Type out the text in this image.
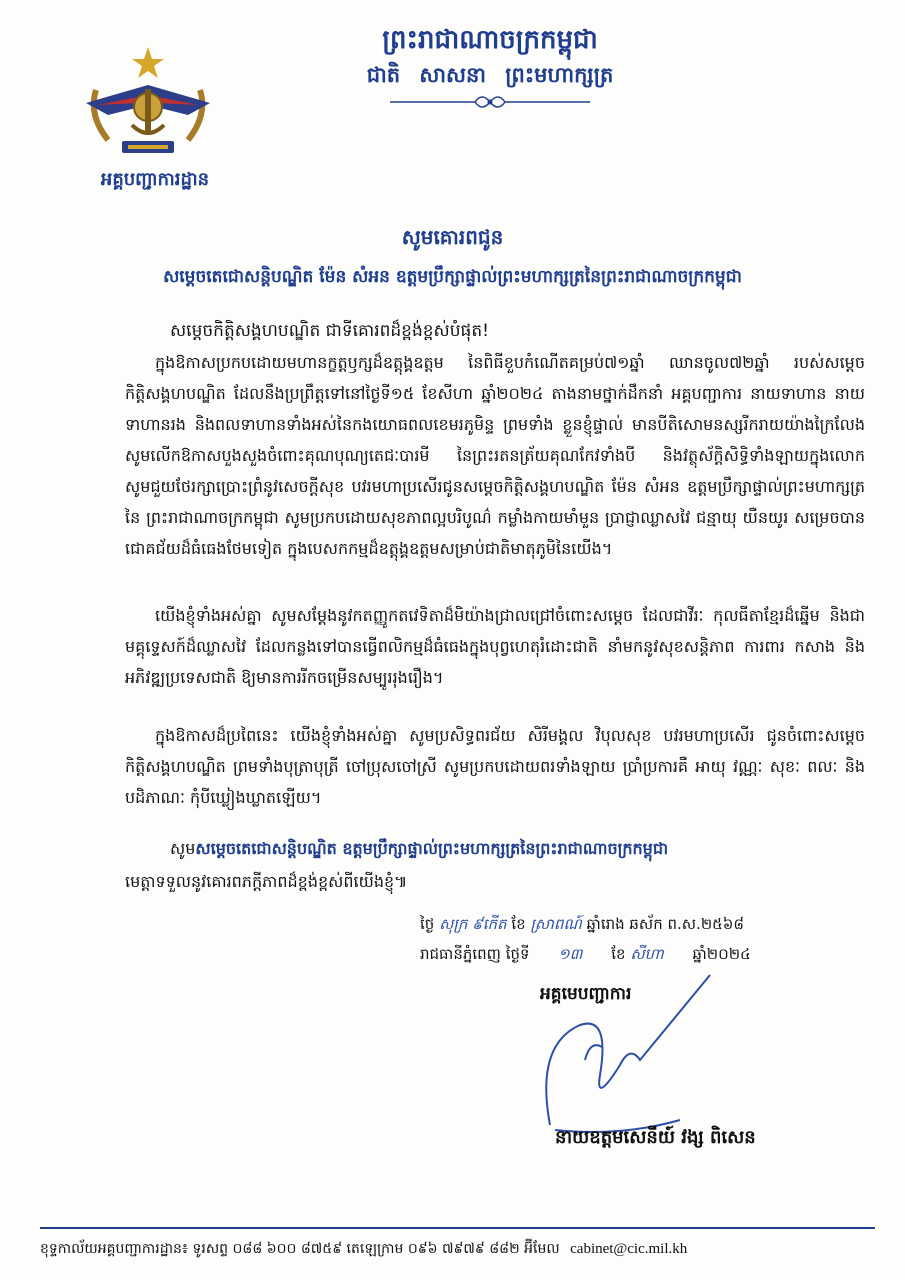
ព្រះរាជាណាចក្រកម្ពុជា
ជាតិ សាសនា ព្រះមហាក្សត្រ
អគ្គបញ្ជាការដ្ឋាន
សូមគោរពជូន
សម្តេចតេជោសន្តិបណ្ឌិត ម៉ែន សំអន ឧត្តមប្រឹក្សាផ្ទាល់ព្រះមហាក្សត្រនៃព្រះរាជាណាចក្រកម្ពុជា
សម្តេចកិត្តិសង្គហបណ្ឌិត ជាទីគោរពដ៏ខ្ពង់ខ្ពស់បំផុត!
ក្នុងឱកាសប្រកបដោយមហានក្ខត្តឫក្សដ៏ឧត្តុង្គឧត្តម នៃពិធីខួបកំណើតគម្រប់៧១ឆ្នាំ ឈានចូល៧២ឆ្នាំ របស់សម្តេចកិត្តិសង្គហបណ្ឌិត ដែលនឹងប្រព្រឹត្តទៅនៅថ្ងៃទី១៥ ខែសីហា ឆ្នាំ២០២៤ តាងនាមថ្នាក់ដឹកនាំ អគ្គបញ្ជាការ នាយទាហាន នាយទាហានរង និងពលទាហានទាំងអស់នៃកងយោធពលខេមរភូមិន្ទ ព្រមទាំង ខ្លួនខ្ញុំផ្ទាល់ មានបីតិសោមនស្សរីករាយយ៉ាងក្រៃលែង សូមលើកឱកាសបួងសួងចំពោះគុណបុណ្យតេជៈបារមី នៃព្រះរតនត្រ័យគុណកែវទាំងបី និងវត្ថុស័ក្តិសិទ្ធិទាំងឡាយក្នុងលោក សូមជួយថែរក្សាប្រោះព្រំនូវសេចក្តីសុខ បវរមហាប្រសើរជូនសម្តេចកិត្តិសង្គហបណ្ឌិត ម៉ែន សំអន ឧត្តមប្រឹក្សាផ្ទាល់ព្រះមហាក្សត្រនៃ ព្រះរាជាណាចក្រកម្ពុជា សូមប្រកបដោយសុខភាពល្អបរិបូណ៌ កម្លាំងកាយមាំមួន ប្រាជ្ញាឈ្លាសវៃ ជន្មាយុ យឺនយូរ សម្រេចបានជោគជ័យដ៏ធំធេងថែមទៀត ក្នុងបេសកកម្មដ៏ឧត្តុង្គឧត្តមសម្រាប់ជាតិមាតុភូមិនៃយើង។
យើងខ្ញុំទាំងអស់គ្នា សូមសម្តែងនូវកតញ្ញូកតវេទិតាដ៏មិយ៉ាងជ្រាលជ្រៅចំពោះសម្តេច ដែលជាវីរៈ កុលធីតាខ្មែរដ៏ឆ្នើម និងជាមគ្គុទ្ទេសក៍ដ៏ឈ្លាសវៃ ដែលកន្លងទៅបានធ្វើពលិកម្មដ៏ធំធេងក្នុងបុព្វហេតុរំដោះជាតិ នាំមកនូវសុខសន្តិភាព ការពារ កសាង និងអភិវឌ្ឍប្រទេសជាតិ ឱ្យមានការរីកចម្រើនសម្បូររុងរឿង។
ក្នុងឱកាសដ៏ប្រពៃនេះ យើងខ្ញុំទាំងអស់គ្នា សូមប្រសិទ្ធពរជ័យ សិរីមង្គល វិបុលសុខ បវរមហាប្រសើរ ជូនចំពោះសម្តេចកិត្តិសង្គហបណ្ឌិត ព្រមទាំងបុត្រាបុត្រី ចៅប្រុសចៅស្រី សូមប្រកបដោយពរទាំងឡាយ ប្រាំប្រការគឺ អាយុ វណ្ណៈ សុខៈ ពលៈ និងបដិភាណៈ កុំបីឃ្លៀងឃ្លាតឡើយ។
សូមសម្តេចតេជោសន្តិបណ្ឌិត ឧត្តមប្រឹក្សាផ្ទាល់ព្រះមហាក្សត្រនៃព្រះរាជាណាចក្រកម្ពុជា
មេត្តាទទួលនូវគោរពភក្តីភាពដ៏ខ្ពង់ខ្ពស់ពីយើងខ្ញុំ៕
ថ្ងៃ សុក្រ ៩កើត ខែ ស្រាពណ៍ ឆ្នាំរោង ឆស័ក ព.ស.២៥៦៨
រាជធានីភ្នំពេញ ថ្ងៃទី ១៣ ខែ សីហា ឆ្នាំ២០២៤
អគ្គមេបញ្ជាការ
នាយឧត្តមសេនីយ៍ វង្ស ពិសេន
ខុទ្ទកាល័យអគ្គបញ្ជាការដ្ឋាន៖ ទូរសព្ទ ០៨៨ ៦០០ ៨៧៥៩ តេឡេក្រាម ០៩៦ ៧៩៧៩ ៨៨២ អ៊ីមែល cabinet@cic.mil.kh
